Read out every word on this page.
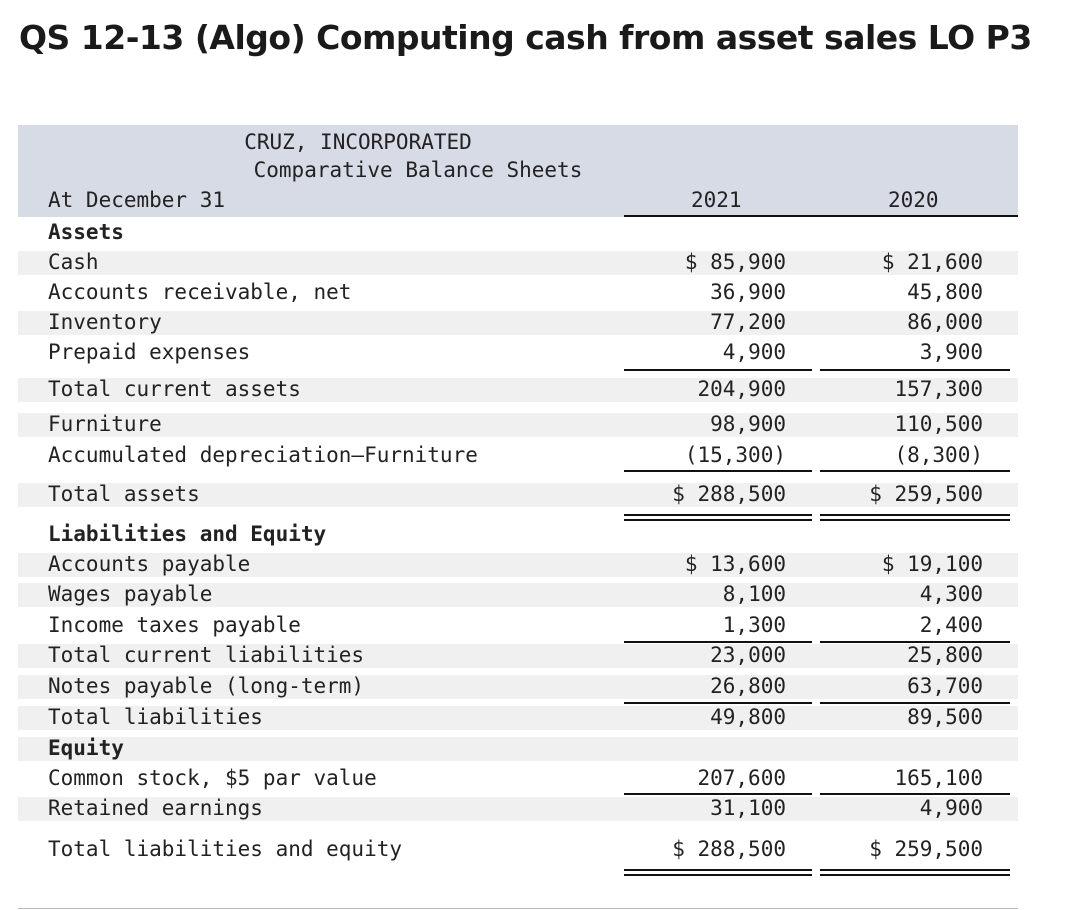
QS 12-13 (Algo) Computing cash from asset sales LO P3
CRUZ, INCORPORATED
Comparative Balance Sheets
At December 31	2021	2020
Assets
Cash	$ 85,900	$ 21,600
Accounts receivable, net	36,900	45,800
Inventory	77,200	86,000
Prepaid expenses	4,900	3,900
Total current assets	204,900	157,300
Furniture	98,900	110,500
Accumulated depreciation—Furniture	(15,300)	(8,300)
Total assets	$ 288,500	$ 259,500
Liabilities and Equity
Accounts payable	$ 13,600	$ 19,100
Wages payable	8,100	4,300
Income taxes payable	1,300	2,400
Total current liabilities	23,000	25,800
Notes payable (long-term)	26,800	63,700
Total liabilities	49,800	89,500
Equity
Common stock, $5 par value	207,600	165,100
Retained earnings	31,100	4,900
Total liabilities and equity	$ 288,500	$ 259,500
